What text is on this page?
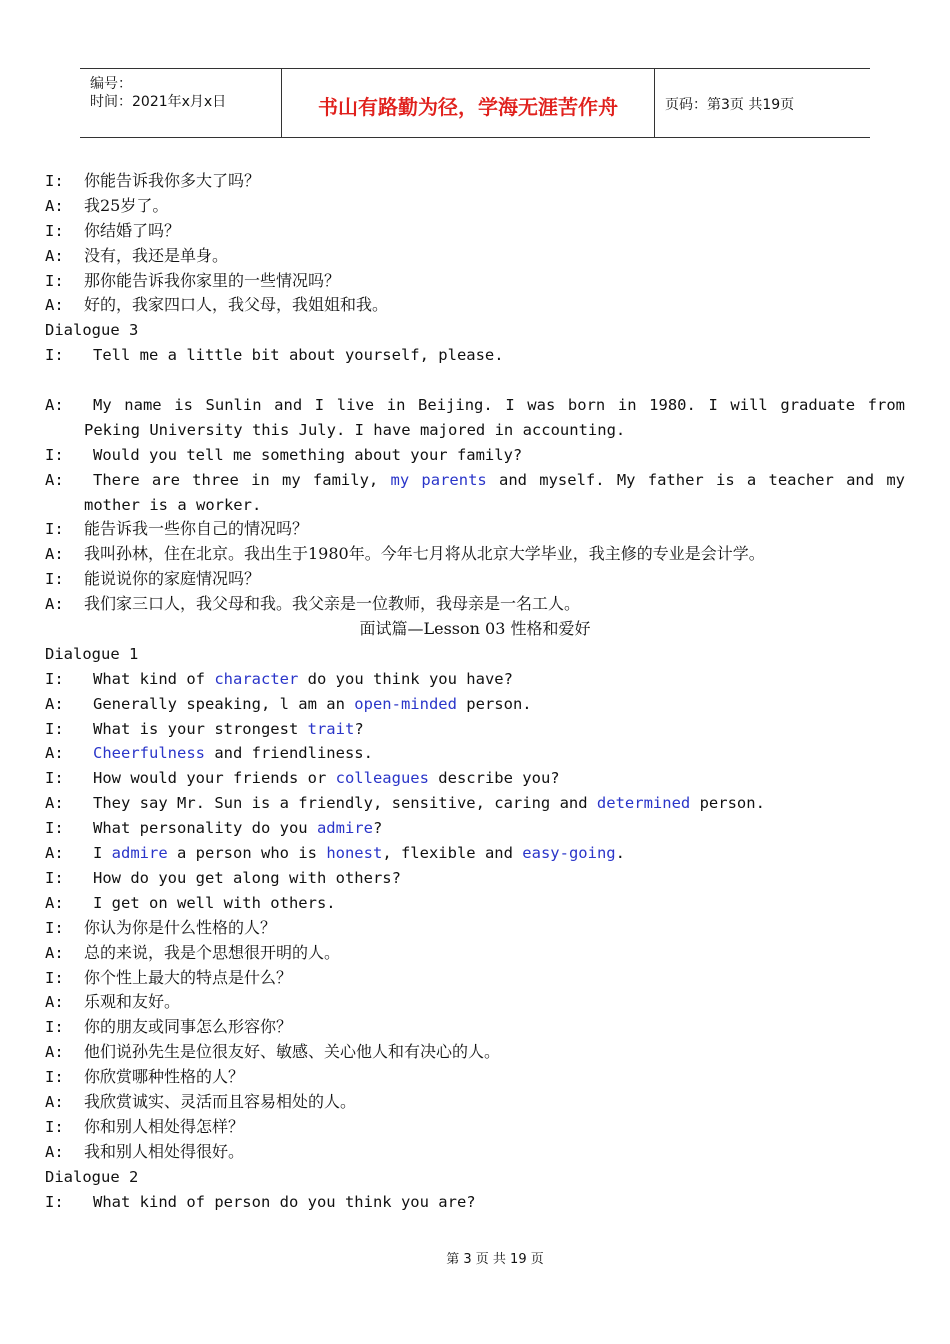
编号：
时间：2021年x月x日	书山有路勤为径，学海无涯苦作舟	页码：第3页 共19页
I:	你能告诉我你多大了吗？
A:	我25岁了。
I:	你结婚了吗？
A:	没有，我还是单身。
I:	那你能告诉我你家里的一些情况吗？
A:	好的，我家四口人，我父母，我姐姐和我。
Dialogue 3
I:	Tell me a little bit about yourself, please.
A:	My name is Sunlin and I live in Beijing. I was born in 1980. I will graduate from
Peking University this July. I have majored in accounting.
I:	Would you tell me something about your family?
A:	There are three in my family, my parents and myself. My father is a teacher and my
mother is a worker.
I:	能告诉我一些你自己的情况吗？
A:	我叫孙林，住在北京。我出生于1980年。今年七月将从北京大学毕业，我主修的专业是会计学。
I:	能说说你的家庭情况吗？
A:	我们家三口人，我父母和我。我父亲是一位教师，我母亲是一名工人。
面试篇—Lesson 03 性格和爱好
Dialogue 1
I:	What kind of character do you think you have?
A:	Generally speaking, l am an open-minded person.
I:	What is your strongest trait?
A:	Cheerfulness and friendliness.
I:	How would your friends or colleagues describe you?
A:	They say Mr. Sun is a friendly, sensitive, caring and determined person.
I:	What personality do you admire?
A:	I admire a person who is honest, flexible and easy-going.
I:	How do you get along with others?
A:	I get on well with others.
I:	你认为你是什么性格的人？
A:	总的来说，我是个思想很开明的人。
I:	你个性上最大的特点是什么？
A:	乐观和友好。
I:	你的朋友或同事怎么形容你？
A:	他们说孙先生是位很友好、敏感、关心他人和有决心的人。
I:	你欣赏哪种性格的人？
A:	我欣赏诚实、灵活而且容易相处的人。
I:	你和别人相处得怎样？
A:	我和别人相处得很好。
Dialogue 2
I:	What kind of person do you think you are?
第 3 页 共 19 页
